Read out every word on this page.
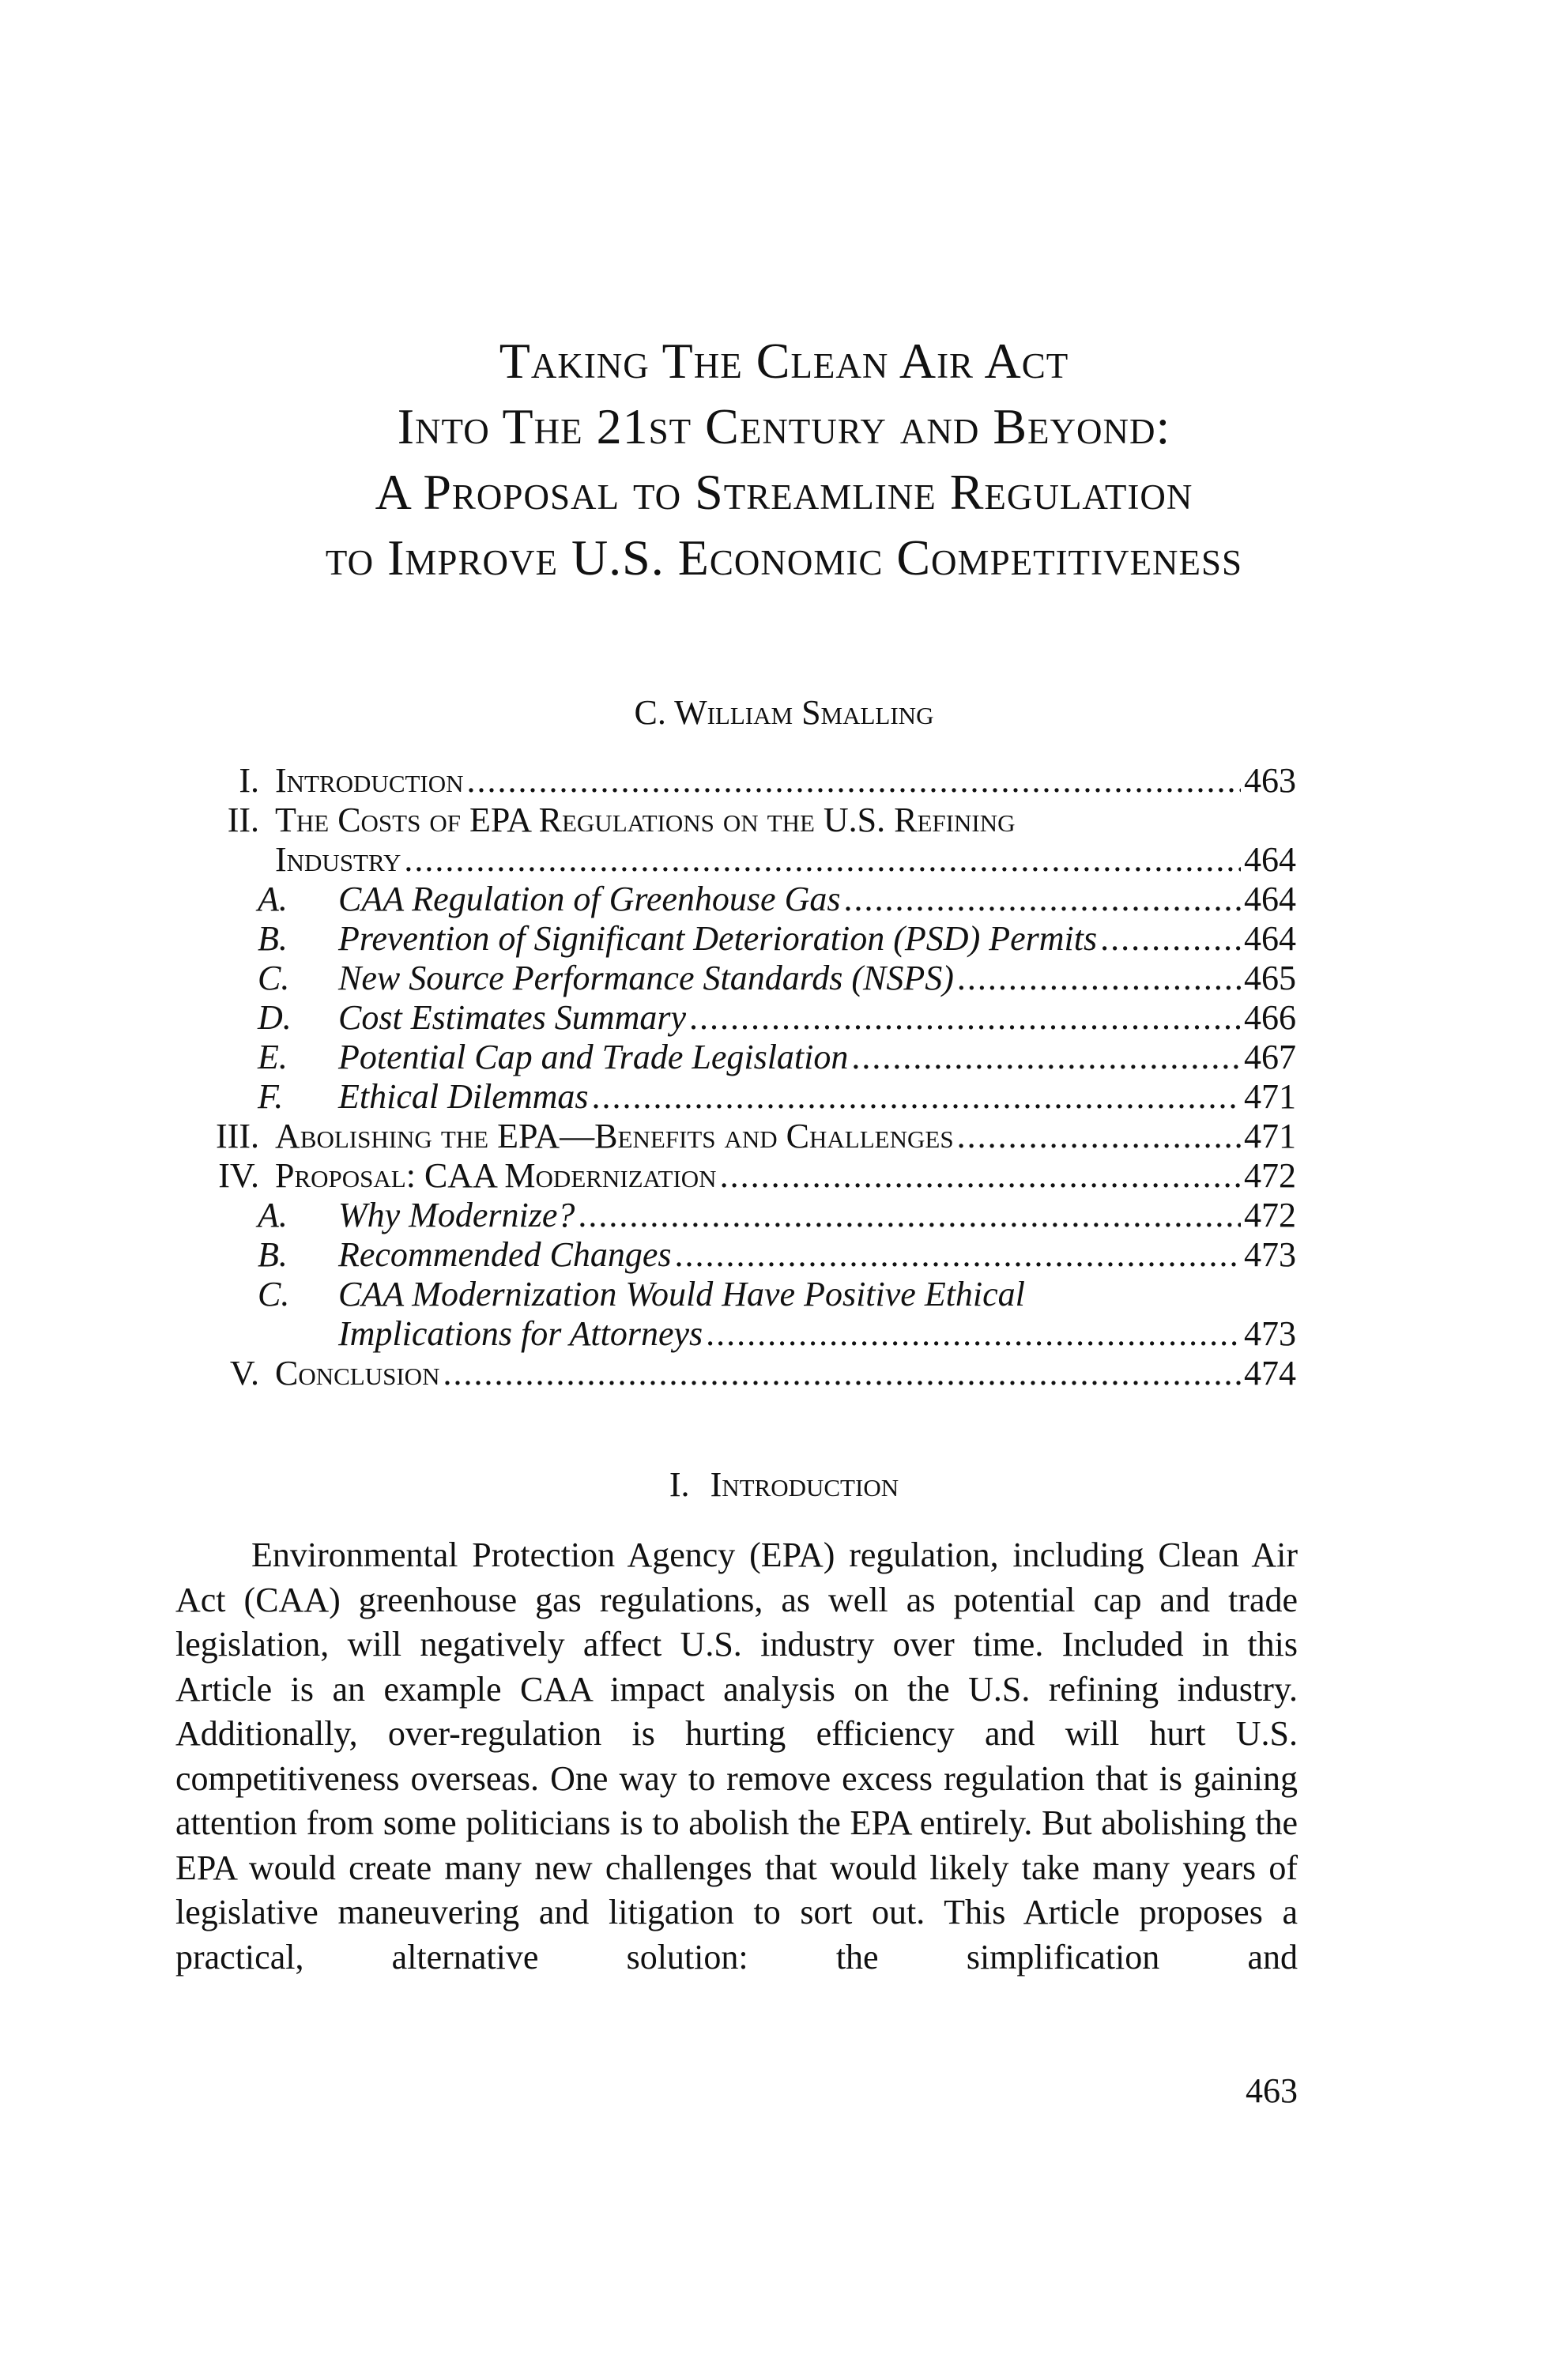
Taking The Clean Air Act
Into The 21st Century and Beyond:
A Proposal to Streamline Regulation
to Improve U.S. Economic Competitiveness
C. William Smalling
I. Introduction .....	463
II. The Costs of EPA Regulations on the U.S. Refining
Industry .....	464
A. CAA Regulation of Greenhouse Gas .....	464
B. Prevention of Significant Deterioration (PSD) Permits .....	464
C. New Source Performance Standards (NSPS) .....	465
D. Cost Estimates Summary .....	466
E. Potential Cap and Trade Legislation .....	467
F. Ethical Dilemmas .....	471
III. Abolishing the EPA—Benefits and Challenges .....	471
IV. Proposal: CAA Modernization .....	472
A. Why Modernize? .....	472
B. Recommended Changes .....	473
C. CAA Modernization Would Have Positive Ethical
Implications for Attorneys .....	473
V. Conclusion .....	474
I. Introduction

Environmental Protection Agency (EPA) regulation, including Clean Air Act (CAA) greenhouse gas regulations, as well as potential cap and trade legislation, will negatively affect U.S. industry over time. Included in this Article is an example CAA impact analysis on the U.S. refining industry. Additionally, over-regulation is hurting efficiency and will hurt U.S. competitiveness overseas. One way to remove excess regulation that is gaining attention from some politicians is to abolish the EPA entirely. But abolishing the EPA would create many new challenges that would likely take many years of legislative maneuvering and litigation to sort out. This Article proposes a practical, alternative solution: the simplification and

463
